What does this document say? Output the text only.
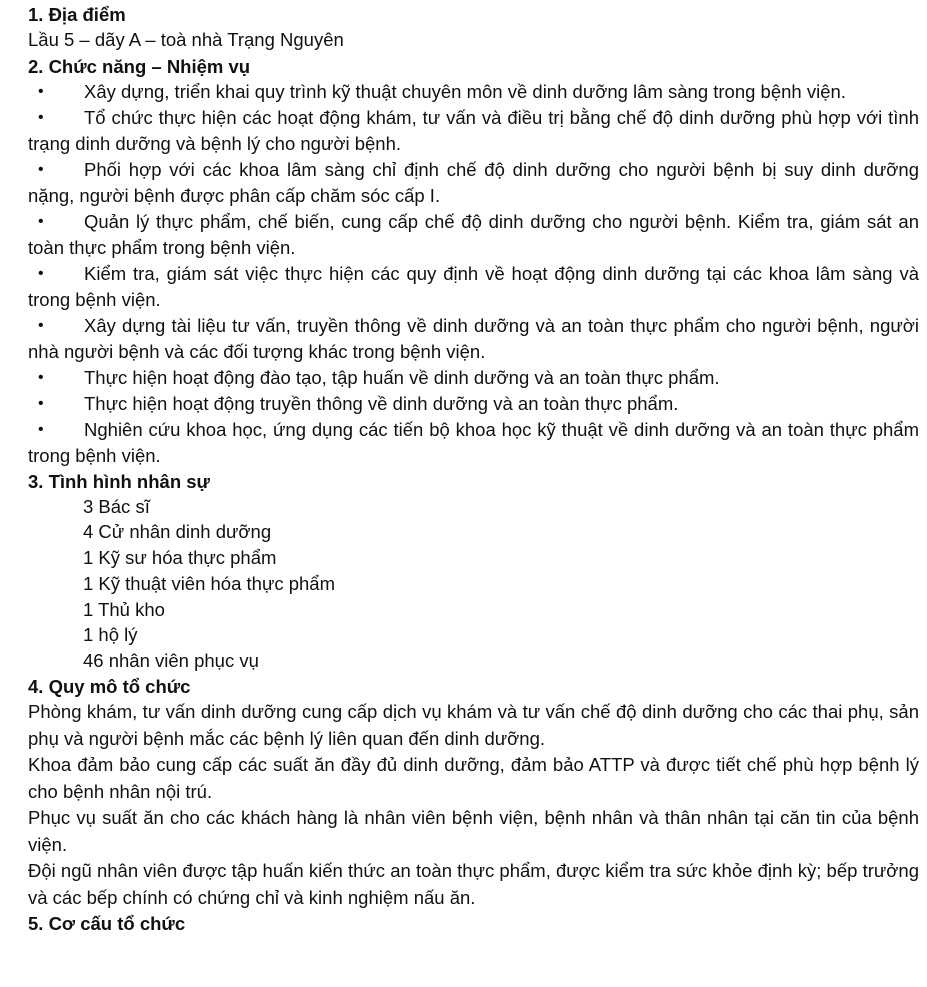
1. Địa điểm

Lầu 5 – dãy A – toà nhà Trạng Nguyên

2. Chức năng – Nhiệm vụ
• Xây dựng, triển khai quy trình kỹ thuật chuyên môn về dinh dưỡng lâm sàng trong bệnh viện.
• Tổ chức thực hiện các hoạt động khám, tư vấn và điều trị bằng chế độ dinh dưỡng phù hợp với tình trạng dinh dưỡng và bệnh lý cho người bệnh.
• Phối hợp với các khoa lâm sàng chỉ định chế độ dinh dưỡng cho người bệnh bị suy dinh dưỡng nặng, người bệnh được phân cấp chăm sóc cấp I.
• Quản lý thực phẩm, chế biến, cung cấp chế độ dinh dưỡng cho người bệnh. Kiểm tra, giám sát an toàn thực phẩm trong bệnh viện.
• Kiểm tra, giám sát việc thực hiện các quy định về hoạt động dinh dưỡng tại các khoa lâm sàng và trong bệnh viện.
• Xây dựng tài liệu tư vấn, truyền thông về dinh dưỡng và an toàn thực phẩm cho người bệnh, người nhà người bệnh và các đối tượng khác trong bệnh viện.
• Thực hiện hoạt động đào tạo, tập huấn về dinh dưỡng và an toàn thực phẩm.
• Thực hiện hoạt động truyền thông về dinh dưỡng và an toàn thực phẩm.
• Nghiên cứu khoa học, ứng dụng các tiến bộ khoa học kỹ thuật về dinh dưỡng và an toàn thực phẩm trong bệnh viện.
3. Tình hình nhân sự
3 Bác sĩ
4 Cử nhân dinh dưỡng
1 Kỹ sư hóa thực phẩm
1 Kỹ thuật viên hóa thực phẩm
1 Thủ kho
1 hộ lý
46 nhân viên phục vụ
4. Quy mô tổ chức

Phòng khám, tư vấn dinh dưỡng cung cấp dịch vụ khám và tư vấn chế độ dinh dưỡng cho các thai phụ, sản phụ và người bệnh mắc các bệnh lý liên quan đến dinh dưỡng.

Khoa đảm bảo cung cấp các suất ăn đầy đủ dinh dưỡng, đảm bảo ATTP và được tiết chế phù hợp bệnh lý cho bệnh nhân nội trú.

Phục vụ suất ăn cho các khách hàng là nhân viên bệnh viện, bệnh nhân và thân nhân tại căn tin của bệnh viện.

Đội ngũ nhân viên được tập huấn kiến thức an toàn thực phẩm, được kiểm tra sức khỏe định kỳ; bếp trưởng và các bếp chính có chứng chỉ và kinh nghiệm nấu ăn.

5. Cơ cấu tổ chức
